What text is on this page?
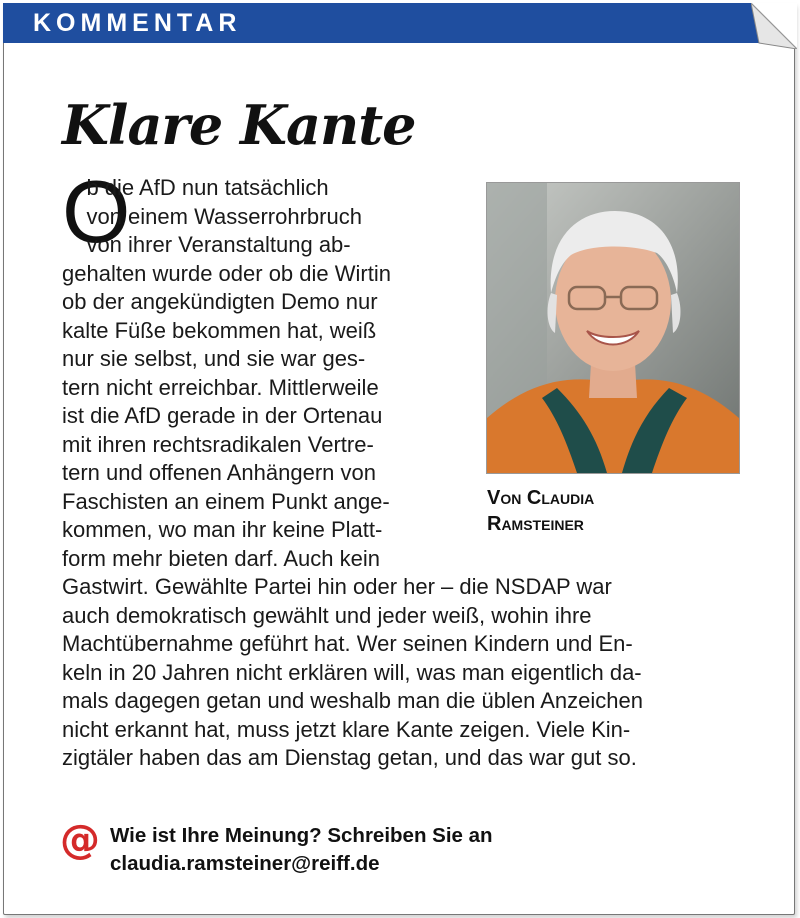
KOMMENTAR
Klare Kante
O

b die AfD nun tatsächlich
von einem Wasserrohrbruch
von ihrer Veranstaltung ab-
gehalten wurde oder ob die Wirtin
ob der angekündigten Demo nur
kalte Füße bekommen hat, weiß
nur sie selbst, und sie war ges-
tern nicht erreichbar. Mittlerweile
ist die AfD gerade in der Ortenau
mit ihren rechtsradikalen Vertre-
tern und offenen Anhängern von
Faschisten an einem Punkt ange-
kommen, wo man ihr keine Platt-
form mehr bieten darf. Auch kein

Von Claudia
Ramsteiner

Gastwirt. Gewählte Partei hin oder her – die NSDAP war
auch demokratisch gewählt und jeder weiß, wohin ihre
Machtübernahme geführt hat. Wer seinen Kindern und En-
keln in 20 Jahren nicht erklären will, was man eigentlich da-
mals dagegen getan und weshalb man die üblen Anzeichen
nicht erkannt hat, muss jetzt klare Kante zeigen. Viele Kin-
zigtäler haben das am Dienstag getan, und das war gut so.

@ Wie ist Ihre Meinung? Schreiben Sie an
claudia.ramsteiner@reiff.de
